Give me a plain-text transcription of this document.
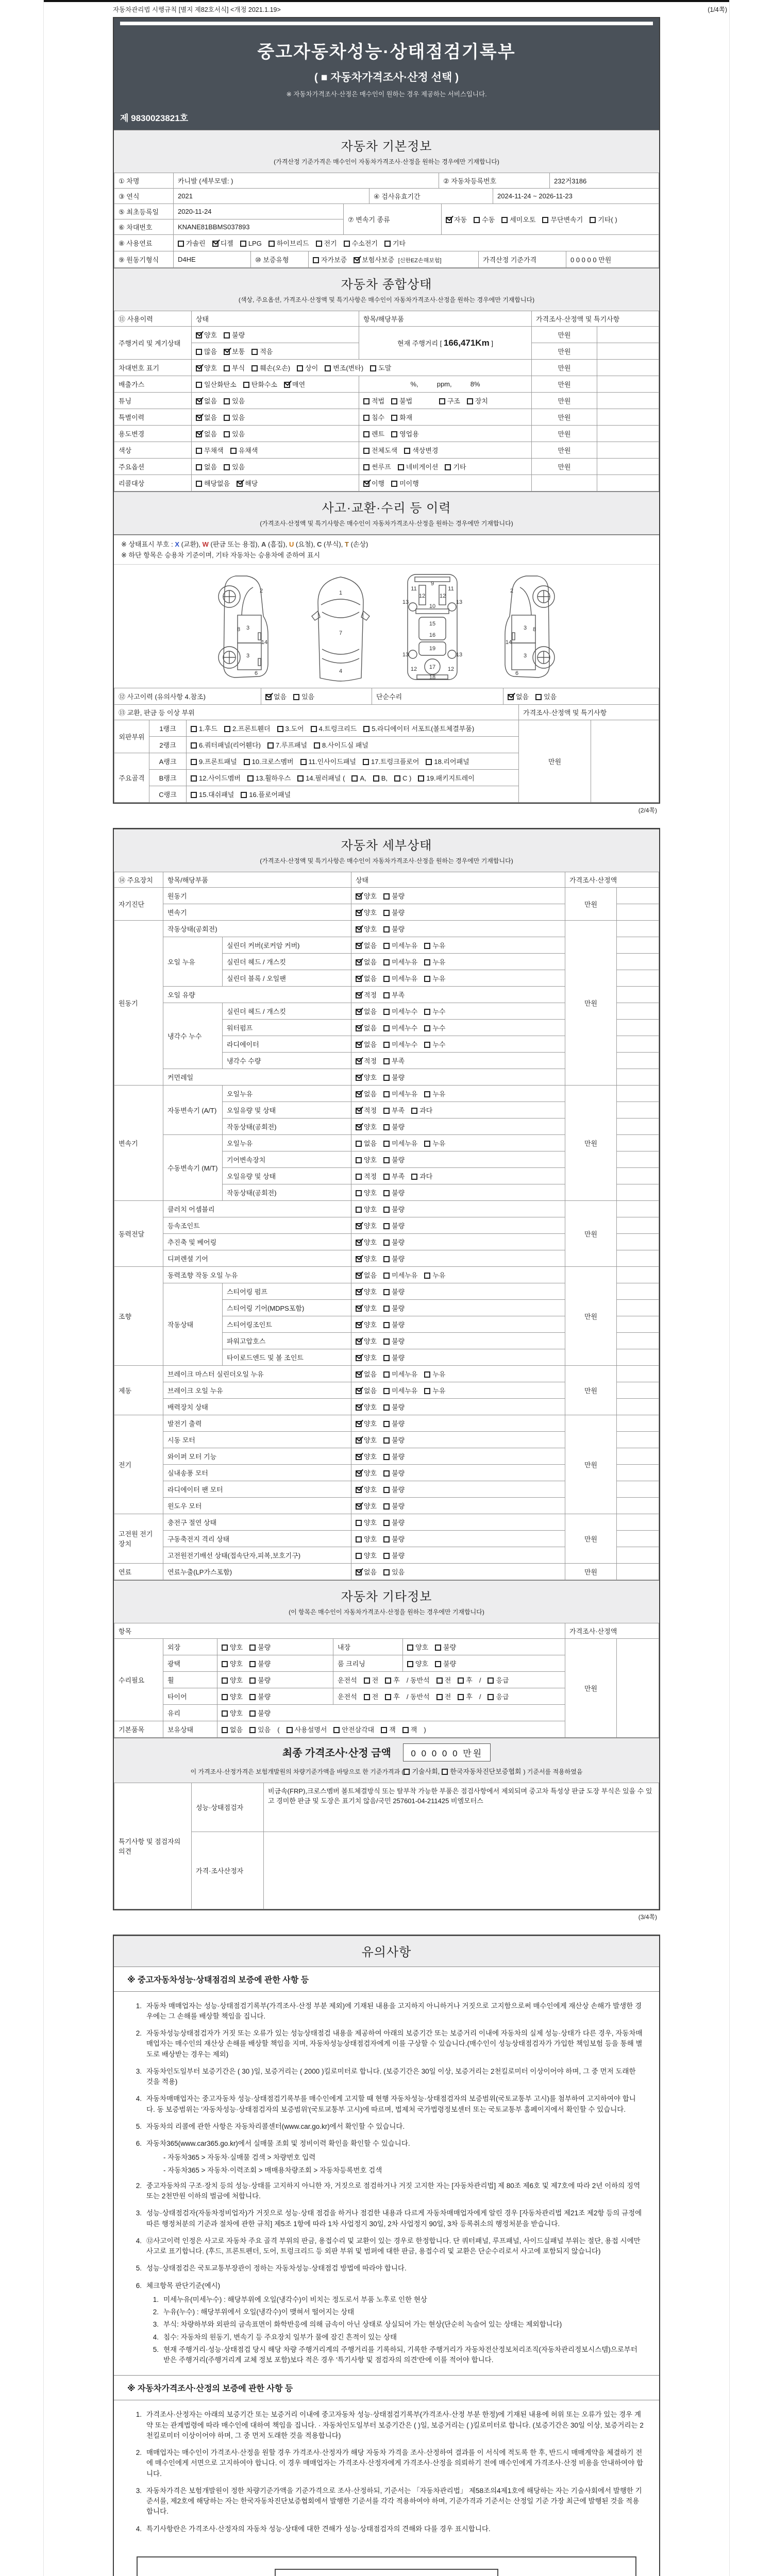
자동차관리법 시행규칙 [별지 제82호서식] <개정 2021.1.19>	(1/4쪽)
중고자동차성능·상태점검기록부
( ■ 자동차가격조사·산정 선택 )
※ 자동차가격조사·산정은 매수인이 원하는 경우 제공하는 서비스입니다.
제 9830023821호
자동차 기본정보
(가격산정 기준가격은 매수인이 자동차가격조사·산정을 원하는 경우에만 기재합니다)
① 차명	카니발 (세부모델: )	② 자동차등록번호	232거3186
③ 연식	2021	④ 검사유효기간	2024-11-24 ~ 2026-11-23
⑤ 최초등록일	2020-11-24	⑦ 변속기 종류	자동 수동 세미오토 무단변속기 기타( )
⑥ 차대번호	KNANE81BBMS037893		
⑧ 사용연료	가솔린 디젤 LPG 하이브리드 전기 수소전기 기타
⑨ 원동기형식	D4HE	⑩ 보증유형	자가보증 보험사보증 [신한EZ손해보험]	가격산정 기준가격	0 0 0 0 0 만원
자동차 종합상태
(색상, 주요옵션, 가격조사·산정액 및 특기사항은 매수인이 자동차가격조사·산정을 원하는 경우에만 기재합니다)
⑪ 사용이력	상태	항목/해당부품	가격조사·산정액 및 특기사항	
주행거리 및 계기상태	양호 불량	현재 주행거리 [ 166,471Km ]	만원	
	많음 보통 적음		만원	
차대번호 표기	양호 부식 훼손(오손) 상이 변조(변타) 도말		만원	
배출가스	일산화탄소 탄화수소 매연	%,          ppm,          8%	만원	
튜닝	없음 있음	적법 불법 구조 장치	만원	
특별이력	없음 있음	침수 화재	만원	
용도변경	없음 있음	렌트 영업용	만원	
색상	무채색 유채색	전체도색 색상변경	만원	
주요옵션	없음 있음	썬루프 네비게이션 기타	만원	
리콜대상	해당없음 해당	이행 미이행		
사고·교환·수리 등 이력
(가격조사·산정액 및 특기사항은 매수인이 자동차가격조사·산정을 원하는 경우에만 기재합니다)
※ 상태표시 부호 : X (교환), W (판금 또는 용접), A (흠집), U (요철), C (부식), T (손상)
※ 하단 항목은 승용차 기준이며, 기타 자동차는 승용차에 준하여 표시
2
8 3
14
3
6
1
7
4
9
11	11
12	12
13	13
10
15
16
19
13	13
12	12
17
18
2
8
3
14
3
6
⑫ 사고이력 (유의사항 4.참조)	없음 있음	단순수리	없음 있음
⑬ 교환, 판금 등 이상 부위			가격조사·산정액 및 특기사항	
외판부위	1랭크	1.후드 2.프론트휀더 3.도어 4.트렁크리드 5.라디에이터 서포트(볼트체결부품)	만원	
	2랭크	6.쿼터패널(리어휀다) 7.루프패널 8.사이드실 패널		
주요골격	A랭크	9.프론트패널 10.크로스멤버 11.인사이드패널 17.트렁크플로어 18.리어패널		
	B랭크	12.사이드멤버 13.휠하우스 14.필러패널 ( A, B, C ) 19.패키지트레이		
	C랭크	15.대쉬패널 16.플로어패널		
(2/4쪽)
자동차 세부상태
(가격조사·산정액 및 특기사항은 매수인이 자동차가격조사·산정을 원하는 경우에만 기재합니다)
⑭ 주요장치	항목/해당부품		상태	가격조사·산정액	
자기진단	원동기		양호 불량	만원	
	변속기		양호 불량		
원동기	작동상태(공회전)		양호 불량	만원	
	오일 누유	실린더 커버(로커암 커버)	없음 미세누유 누유		
		실린더 헤드 / 개스킷	없음 미세누유 누유		
		실린더 블록 / 오일팬	없음 미세누유 누유		
	오일 유량		적정 부족		
	냉각수 누수	실린더 헤드 / 개스킷	없음 미세누수 누수		
		워터펌프	없음 미세누수 누수		
		라디에이터	없음 미세누수 누수		
		냉각수 수량	적정 부족		
	커먼레일		양호 불량		
변속기	자동변속기 (A/T)	오일누유	없음 미세누유 누유	만원	
		오일유량 및 상태	적정 부족 과다		
		작동상태(공회전)	양호 불량		
	수동변속기 (M/T)	오일누유	없음 미세누유 누유		
		기어변속장치	양호 불량		
		오일유량 및 상태	적정 부족 과다		
		작동상태(공회전)	양호 불량		
동력전달	클러치 어셈블리		양호 불량	만원	
	등속조인트		양호 불량		
	추진축 및 베어링		양호 불량		
	디퍼렌셜 기어		양호 불량		
조향	동력조향 작동 오일 누유		없음 미세누유 누유	만원	
	작동상태	스티어링 펌프	양호 불량		
		스티어링 기어(MDPS포함)	양호 불량		
		스티어링조인트	양호 불량		
		파워고압호스	양호 불량		
		타이로드엔드 및 볼 조인트	양호 불량		
제동	브레이크 마스터 실린더오일 누유		없음 미세누유 누유	만원	
	브레이크 오일 누유		없음 미세누유 누유		
	배력장치 상태		양호 불량		
전기	발전기 출력		양호 불량	만원	
	시동 모터		양호 불량		
	와이퍼 모터 기능		양호 불량		
	실내송풍 모터		양호 불량		
	라디에이터 팬 모터		양호 불량		
	윈도우 모터		양호 불량		
고전원 전기장치	충전구 절연 상태		양호 불량	만원	
	구동축전지 격리 상태		양호 불량		
	고전원전기배선 상태(접속단자,피복,보호기구)		양호 불량		
연료	연료누출(LP가스포함)		없음 있음	만원	
자동차 기타정보
(이 항목은 매수인이 자동차가격조사·산정을 원하는 경우에만 기재합니다)
항목					가격조사·산정액	
수리필요	외장	양호 불량	내장	양호 불량	만원	
	광택	양호 불량	룸 크리닝	양호 불량		
	휠	양호 불량	운전석 전 후 / 동반석 전 후 / 응급			
	타이어	양호 불량	운전석 전 후 / 동반석 전 후 / 응급			
	유리	양호 불량				
기본품목	보유상태	없음 있음 ( 사용설명서 안전삼각대 잭 잭 )				
최종 가격조사·산정 금액 0 0 0 0 0 만원
이 가격조사·산정가격은 보험개발원의 차량기준가액을 바탕으로 한 기준가격과 ( 기술사회, 한국자동차진단보증협회 ) 기준서를 적용하였음
특기사항 및 점검자의 의견	성능·상태점검자	비금속(FRP),크로스멤버 볼트체결방식 또는 탈부착 가능한 부품은 점검사항에서 제외되며 중고차 특성상 판금 도장 부식은 있을 수 있고 경미한 판금 및 도장은 표기치 않음/국민 257601-04-211425 비엠모터스
	가격·조사산정자	
(3/4쪽)
유의사항
※ 중고자동차성능·상태점검의 보증에 관한 사항 등
1. 자동차 매매업자는 성능·상태점검기록부(가격조사·산정 부분 제외)에 기재된 내용을 고지하지 아니하거나 거짓으로 고지함으로써 매수인에게 재산상 손해가 발생한 경우에는 그 손해를 배상할 책임을 집니다.
2. 자동차성능상태점검자가 거짓 또는 오류가 있는 성능상태점검 내용을 제공하여 아래의 보증기간 또는 보증거리 이내에 자동차의 실제 성능·상태가 다른 경우, 자동차매매업자는 매수인의 재산상 손해를 배상할 책임을 지며, 자동차성능상태점검자에게 이를 구상할 수 있습니다.(매수인이 성능상태점검자가 가입한 책임보험 등을 통해 별도로 배상받는 경우는 제외)
3. 자동차인도일부터 보증기간은 ( 30 )일, 보증거리는 ( 2000 )킬로미터로 합니다. (보증기간은 30일 이상, 보증거리는 2천킬로미터 이상이어야 하며, 그 중 먼저 도래한 것을 적용)
4. 자동차매매업자는 중고자동차 성능·상태점검기록부를 매수인에게 고지할 때 현행 자동차성능·상태점검자의 보증범위(국토교통부 고시)를 첨부하여 고지하여야 합니다. 동 보증범위는 '자동차성능·상태점검자의 보증범위'(국토교통부 고시)에 따르며, 법제처 국가법령정보센터 또는 국토교통부 홈페이지에서 확인할 수 있습니다.
5. 자동차의 리콜에 관한 사항은 자동차리콜센터(www.car.go.kr)에서 확인할 수 있습니다.
6. 자동차365(www.car365.go.kr)에서 실매물 조회 및 정비이력 확인을 확인할 수 있습니다.
- 자동차365 > 자동차·실매물 검색 > 차량번호 입력
- 자동차365 > 자동차·이력조회 > 매매용차량조회 > 자동차등록번호 검색
2. 중고자동차의 구조·장치 등의 성능·상태를 고지하지 아니한 자, 거짓으로 점검하거나 거짓 고지한 자는 [자동차관리법] 제 80조 제6호 및 제7호에 따라 2년 이하의 징역 또는 2천만원 이하의 벌금에 처합니다.
3. 성능·상태점검자(자동차정비업자)가 거짓으로 성능·상태 점검을 하거나 점검한 내용과 다르게 자동차매매업자에게 알린 경우 [자동차관리법 제21조 제2항 등의 규정에 따른 행정처분의 기준과 절차에 관한 규칙] 제5조 1항에 따라 1차 사업정지 30일, 2차 사업정지 90일, 3차 등록취소의 행정처분을 받습니다.
4. ⑫사고이력 인정은 사고로 자동차 주요 골격 부위의 판금, 용접수리 및 교환이 있는 경우로 한정합니다. 단 쿼터패널, 루프패널, 사이드실패널 부위는 절단, 용접 시에만 사고로 표기합니다. (후드, 프론트펜더, 도어, 트렁크리드 등 외판 부위 및 범퍼에 대한 판금, 용접수리 및 교환은 단순수리로서 사고에 포함되지 않습니다)
5. 성능·상태점검은 국토교통부장관이 정하는 자동차성능·상태점검 방법에 따라야 합니다.
6. 체크항목 판단기준(예시)
1. 미세누유(미세누수) : 해당부위에 오일(냉각수)이 비치는 정도로서 부품 노후로 인한 현상
2. 누유(누수) : 해당부위에서 오일(냉각수)이 맺혀서 떨어지는 상태
3. 부식: 차량하부와 외판의 금속표면이 화학반응에 의해 금속이 아닌 상태로 상실되어 가는 현상(단순히 녹슬어 있는 상태는 제외합니다)
4. 침수: 자동차의 원동기, 변속기 등 주요장치 일부가 물에 잠긴 흔적이 있는 상태
5. 현재 주행거리·성능·상태점검 당시 해당 차량 주행거리계의 주행거리를 기록하되, 기록한 주행거리가 자동차전산정보처리조직(자동차관리정보시스템)으로부터 받은 주행거리(주행거리계 교체 정보 포함)보다 적은 경우 '특기사항 및 점검자의 의견'란에 이를 적어야 합니다.
※ 자동차가격조사·산정의 보증에 관한 사항 등
1. 가격조사·산정자는 아래의 보증기간 또는 보증거리 이내에 중고자동차 성능·상태점검기록부(가격조사·산정 부분 한정)에 기재된 내용에 허위 또는 오류가 있는 경우 계약 또는 관계법령에 따라 매수인에 대하여 책임을 집니다. · 자동차인도일부터 보증기간은 ( )일, 보증거리는 ( )킬로미터로 합니다. (보증기간은 30일 이상, 보증거리는 2천킬로미터 이상이어야 하며, 그 중 먼저 도래한 것을 적용합니다)
2. 매매업자는 매수인이 가격조사·산정을 원할 경우 가격조사·산정자가 해당 자동차 가격을 조사·산정하여 결과를 이 서식에 적도록 한 후, 반드시 매매계약을 체결하기 전에 매수인에게 서면으로 고지하여야 합니다. 이 경우 매매업자는 가격조사·산정자에게 가격조사·산정을 의뢰하기 전에 매수인에게 가격조사·산정 비용을 안내하여야 합니다.
3. 자동차가격은 보험개발원이 정한 차량기준가액을 기준가격으로 조사·산정하되, 기준서는 「자동차관리법」 제58조의4제1호에 해당하는 자는 기술사회에서 발행한 기준서를, 제2호에 해당하는 자는 한국자동차진단보증협회에서 발행한 기준서를 각각 적용하여야 하며, 기준가격과 기준서는 산정일 기준 가장 최근에 발행된 것을 적용합니다.
4. 특기사항란은 가격조사·산정자의 자동차 성능·상태에 대한 견해가 성능·상태점검자의 견해와 다를 경우 표시합니다.
